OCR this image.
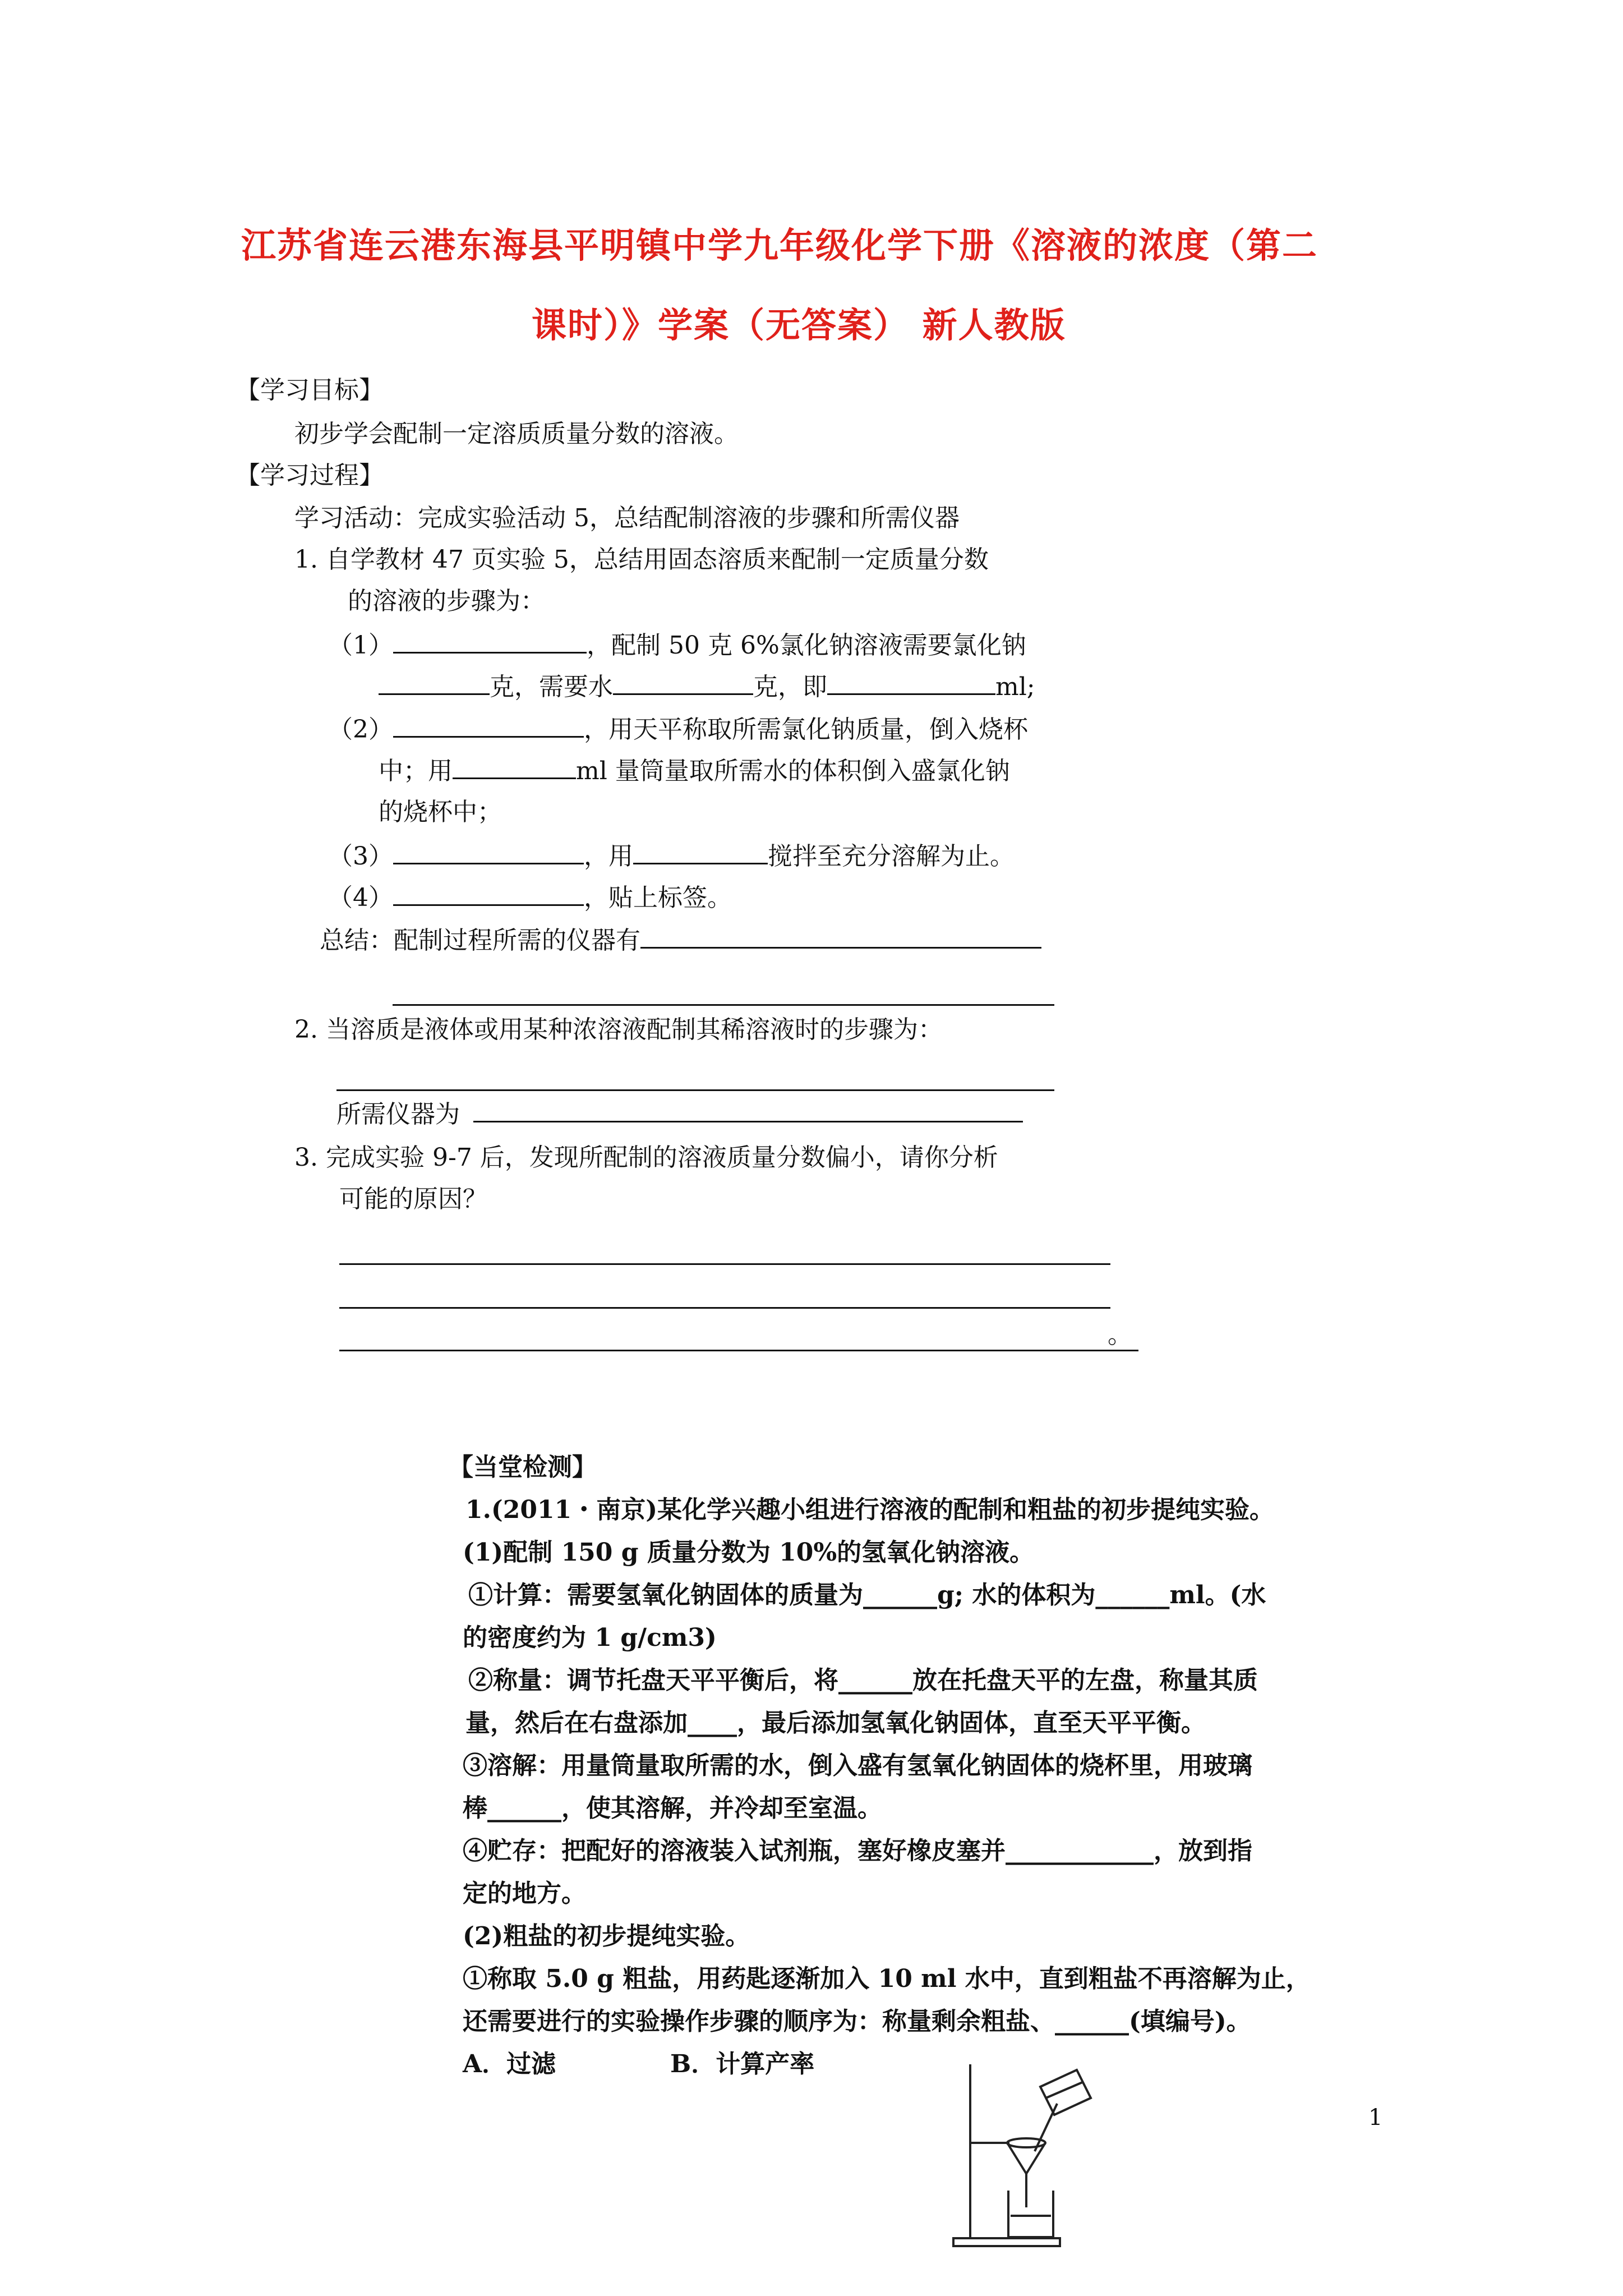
江苏省连云港东海县平明镇中学九年级化学下册《溶液的浓度（第二
课时）》学案（无答案） 新人教版
【学习目标】
初步学会配制一定溶质质量分数的溶液。
【学习过程】
学习活动：完成实验活动 5，总结配制溶液的步骤和所需仪器
1. 自学教材 47 页实验 5，总结用固态溶质来配制一定质量分数
的溶液的步骤为：
（1）	，配制 50 克 6%氯化钠溶液需要氯化钠
克，需要水	克，即	ml;
（2）	，用天平称取所需氯化钠质量，倒入烧杯
中；用	ml 量筒量取所需水的体积倒入盛氯化钠
的烧杯中；
（3）	，用	搅拌至充分溶解为止。
（4）	，贴上标签。
总结：配制过程所需的仪器有
2. 当溶质是液体或用某种浓溶液配制其稀溶液时的步骤为：
所需仪器为
3. 完成实验 9-7 后，发现所配制的溶液质量分数偏小，请你分析
可能的原因？
。
【当堂检测】
1.(2011・南京)某化学兴趣小组进行溶液的配制和粗盐的初步提纯实验。
(1)配制 150 g 质量分数为 10%的氢氧化钠溶液。
①计算：需要氢氧化钠固体的质量为______g; 水的体积为______ml。(水
的密度约为 1 g/cm3)
②称量：调节托盘天平平衡后，将______放在托盘天平的左盘，称量其质
量，然后在右盘添加____，最后添加氢氧化钠固体，直至天平平衡。
③溶解：用量筒量取所需的水，倒入盛有氢氧化钠固体的烧杯里，用玻璃
棒______，使其溶解，并冷却至室温。
④贮存：把配好的溶液装入试剂瓶，塞好橡皮塞并____________，放到指
定的地方。
(2)粗盐的初步提纯实验。
①称取 5.0 g 粗盐，用药匙逐渐加入 10 ml 水中，直到粗盐不再溶解为止，
还需要进行的实验操作步骤的顺序为：称量剩余粗盐、______(填编号)。
A．过滤	B．计算产率
1
